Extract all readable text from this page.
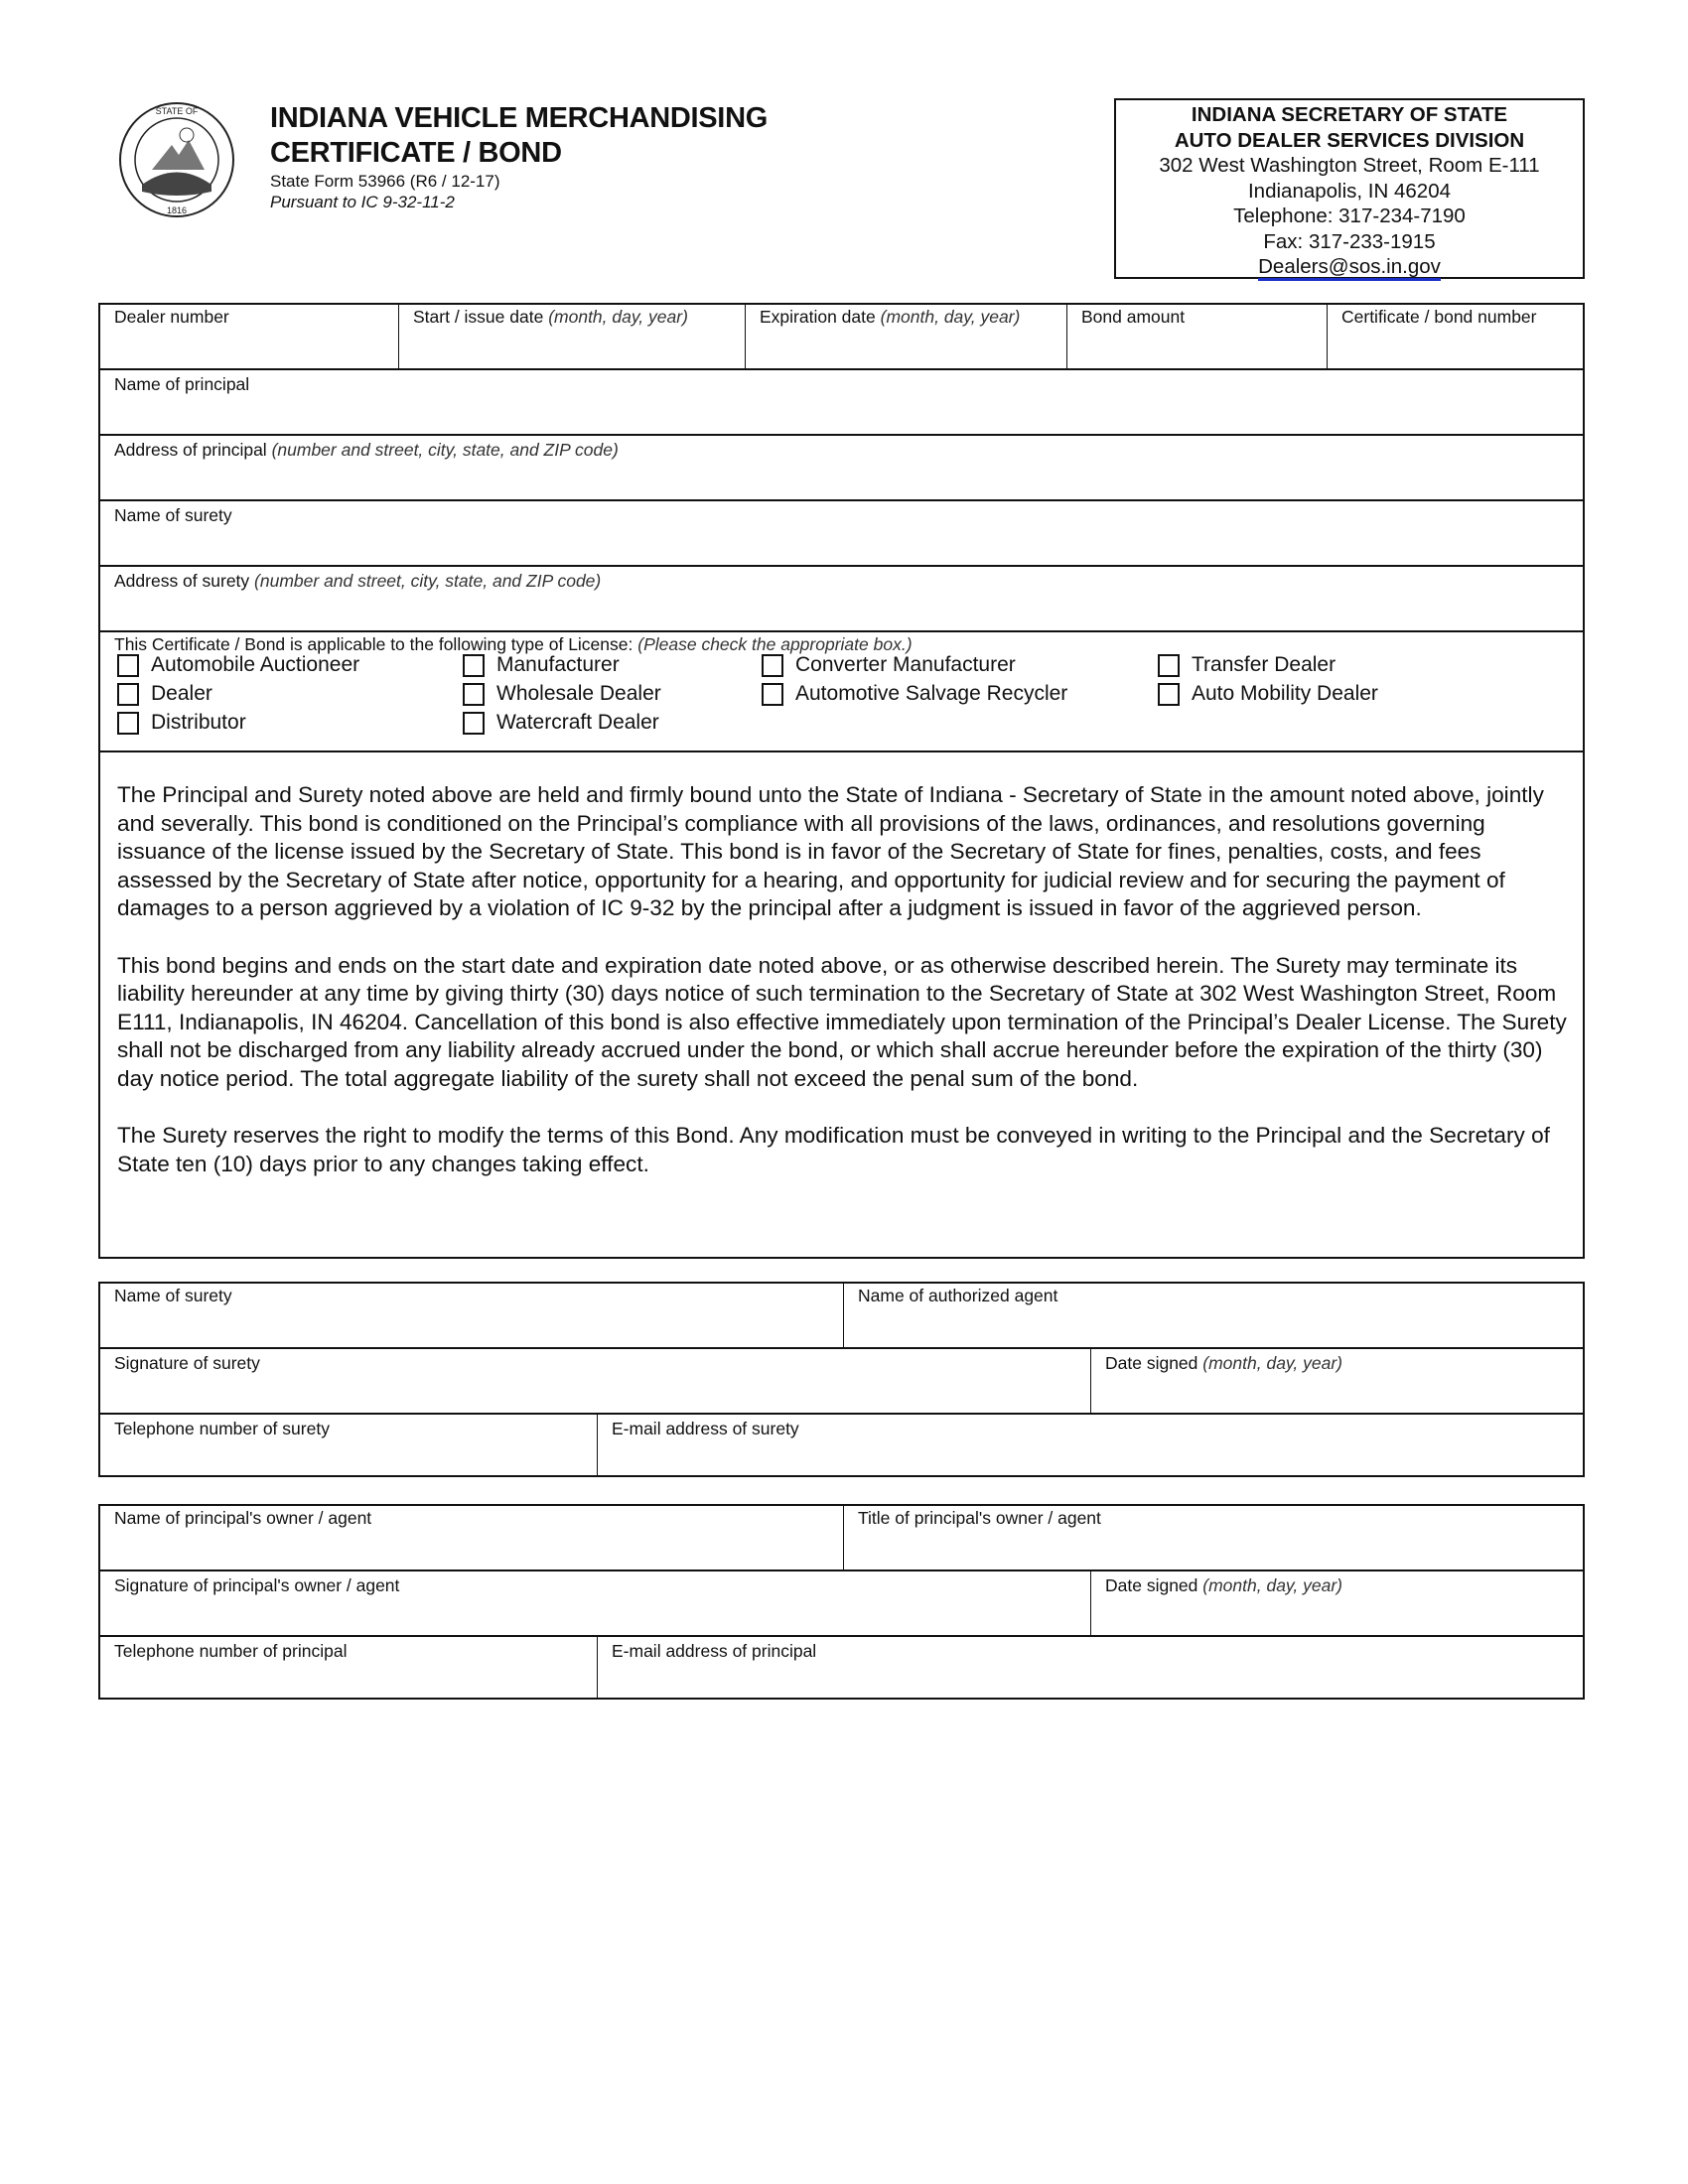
STATE OF
1816
INDIANA VEHICLE MERCHANDISING
CERTIFICATE / BOND
State Form 53966 (R6 / 12-17)
Pursuant to IC 9-32-11-2
INDIANA SECRETARY OF STATE
AUTO DEALER SERVICES DIVISION
302 West Washington Street, Room E-111
Indianapolis, IN 46204
Telephone: 317-234-7190
Fax: 317-233-1915
Dealers@sos.in.gov
Dealer number	Start / issue date (month, day, year)	Expiration date (month, day, year)	Bond amount	Certificate / bond number
Name of principal
Address of principal (number and street, city, state, and ZIP code)
Name of surety
Address of surety (number and street, city, state, and ZIP code)
This Certificate / Bond is applicable to the following type of License: (Please check the appropriate box.)

The Principal and Surety noted above are held and firmly bound unto the State of Indiana - Secretary of State in the amount noted above, jointly and severally. This bond is conditioned on the Principal’s compliance with all provisions of the laws, ordinances, and resolutions governing issuance of the license issued by the Secretary of State. This bond is in favor of the Secretary of State for fines, penalties, costs, and fees assessed by the Secretary of State after notice, opportunity for a hearing, and opportunity for judicial review and for securing the payment of damages to a person aggrieved by a violation of IC 9-32 by the principal after a judgment is issued in favor of the aggrieved person.

This bond begins and ends on the start date and expiration date noted above, or as otherwise described herein. The Surety may terminate its liability hereunder at any time by giving thirty (30) days notice of such termination to the Secretary of State at 302 West Washington Street, Room E111, Indianapolis, IN 46204. Cancellation of this bond is also effective immediately upon termination of the Principal’s Dealer License. The Surety shall not be discharged from any liability already accrued under the bond, or which shall accrue hereunder before the expiration of the thirty (30) day notice period. The total aggregate liability of the surety shall not exceed the penal sum of the bond.

The Surety reserves the right to modify the terms of this Bond. Any modification must be conveyed in writing to the Principal and the Secretary of State ten (10) days prior to any changes taking effect.

Automobile Auctioneer	Manufacturer	Converter Manufacturer	Transfer Dealer
Dealer	Wholesale Dealer	Automotive Salvage Recycler	Auto Mobility Dealer
Distributor	Watercraft Dealer
Name of surety	Name of authorized agent
Signature of surety	Date signed (month, day, year)
Telephone number of surety	E-mail address of surety
Name of principal's owner / agent	Title of principal's owner / agent
Signature of principal's owner / agent	Date signed (month, day, year)
Telephone number of principal	E-mail address of principal
